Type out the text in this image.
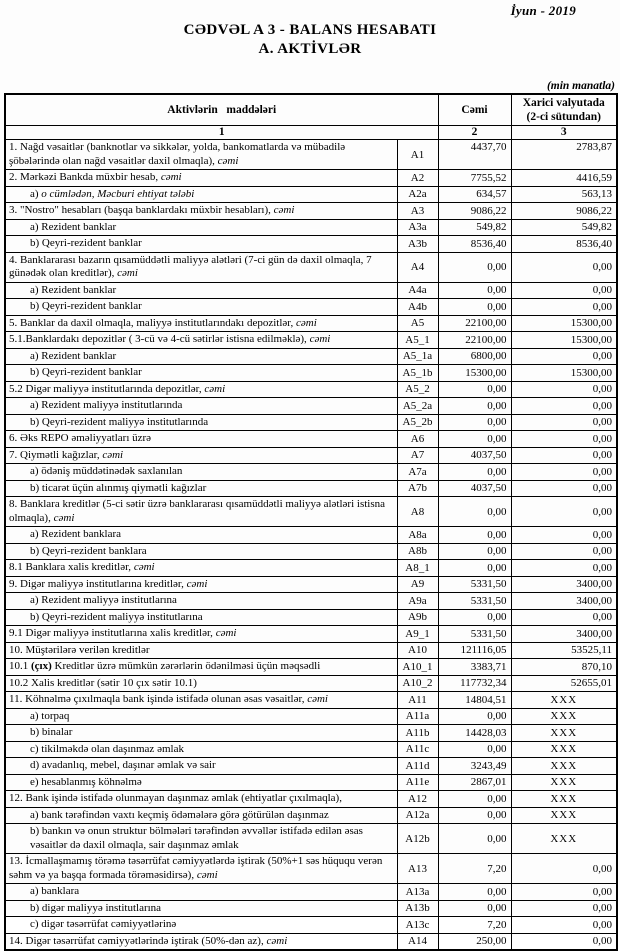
İyun - 2019
CƏDVƏL A 3 - BALANS HESABATI
A. AKTİVLƏR
(min manatla)
Aktivlərin   maddələri		Cəmi	Xarici valyutada
(2-ci sütundan)
1		2	3
1. Nağd vəsaitlər (banknotlar və sikkələr, yolda, bankomatlarda və mübadilə şöbələrində olan nağd vəsaitlər daxil olmaqla), cəmi	A1	4437,70	2783,87
2. Mərkəzi Bankda müxbir hesab, cəmi	A2	7755,52	4416,59
a) o cümlədən, Məcburi ehtiyat tələbi	A2a	634,57	563,13
3. "Nostro" hesabları (başqa banklardakı müxbir hesabları), cəmi	A3	9086,22	9086,22
a) Rezident banklar	A3a	549,82	549,82
b) Qeyri-rezident banklar	A3b	8536,40	8536,40
4. Banklararası bazarın qısamüddətli maliyyə alətləri (7-ci gün də daxil olmaqla, 7 günədək olan kreditlər), cəmi	A4	0,00	0,00
a) Rezident banklar	A4a	0,00	0,00
b) Qeyri-rezident banklar	A4b	0,00	0,00
5. Banklar da daxil olmaqla, maliyyə institutlarındakı depozitlər, cəmi	A5	22100,00	15300,00
5.1.Banklardakı depozitlər ( 3-cü və 4-cü sətirlər istisna edilməklə), cəmi	A5_1	22100,00	15300,00
a) Rezident banklar	A5_1a	6800,00	0,00
b) Qeyri-rezident banklar	A5_1b	15300,00	15300,00
5.2 Digər maliyyə institutlarında depozitlər, cəmi	A5_2	0,00	0,00
a) Rezident maliyyə institutlarında	A5_2a	0,00	0,00
b) Qeyri-rezident maliyyə institutlarında	A5_2b	0,00	0,00
6. Əks REPO əməliyyatları üzrə	A6	0,00	0,00
7. Qiymətli kağızlar, cəmi	A7	4037,50	0,00
a) ödəniş müddətinədək saxlanılan	A7a	0,00	0,00
b) ticarət üçün alınmış qiymətli kağızlar	A7b	4037,50	0,00
8. Banklara kreditlər (5-ci sətir üzrə banklararası qısamüddətli maliyyə alətləri istisna olmaqla), cəmi	A8	0,00	0,00
a) Rezident banklara	A8a	0,00	0,00
b) Qeyri-rezident banklara	A8b	0,00	0,00
8.1 Banklara xalis kreditlər, cəmi	A8_1	0,00	0,00
9. Digər maliyyə institutlarına kreditlər, cəmi	A9	5331,50	3400,00
a) Rezident maliyyə institutlarına	A9a	5331,50	3400,00
b) Qeyri-rezident maliyyə institutlarına	A9b	0,00	0,00
9.1 Digər maliyyə institutlarına xalis kreditlər, cəmi	A9_1	5331,50	3400,00
10. Müştərilərə verilən kreditlər	A10	121116,05	53525,11
10.1 (çıx) Kreditlər üzrə mümkün zərərlərin ödənilməsi üçün məqsədli	A10_1	3383,71	870,10
10.2 Xalis kreditlər (sətir 10 çıx sətir 10.1)	A10_2	117732,34	52655,01
11. Köhnəlmə çıxılmaqla bank işində istifadə olunan əsas vəsaitlər, cəmi	A11	14804,51	XXX
a) torpaq	A11a	0,00	XXX
b) binalar	A11b	14428,03	XXX
c) tikilməkdə olan daşınmaz əmlak	A11c	0,00	XXX
d) avadanlıq, mebel, daşınar əmlak və sair	A11d	3243,49	XXX
e) hesablanmış köhnəlmə	A11e	2867,01	XXX
12. Bank işində istifadə olunmayan daşınmaz əmlak (ehtiyatlar çıxılmaqla),	A12	0,00	XXX
a) bank tərəfindən vaxtı keçmiş ödəmələrə görə götürülən daşınmaz	A12a	0,00	XXX
b) bankın və onun struktur bölmələri tərəfindən əvvəllər istifadə edilən əsas vəsaitlər də daxil olmaqla, sair daşınmaz əmlak	A12b	0,00	XXX
13. İcmallaşmamış törəmə təsərrüfat cəmiyyətlərdə iştirak (50%+1 səs hüququ verən səhm və ya başqa formada törəməsidirsə), cəmi	A13	7,20	0,00
a) banklara	A13a	0,00	0,00
b) digər maliyyə institutlarına	A13b	0,00	0,00
c) digər təsərrüfat cəmiyyətlərinə	A13c	7,20	0,00
14. Digər təsərrüfat cəmiyyətlərində iştirak (50%-dən az), cəmi	A14	250,00	0,00
